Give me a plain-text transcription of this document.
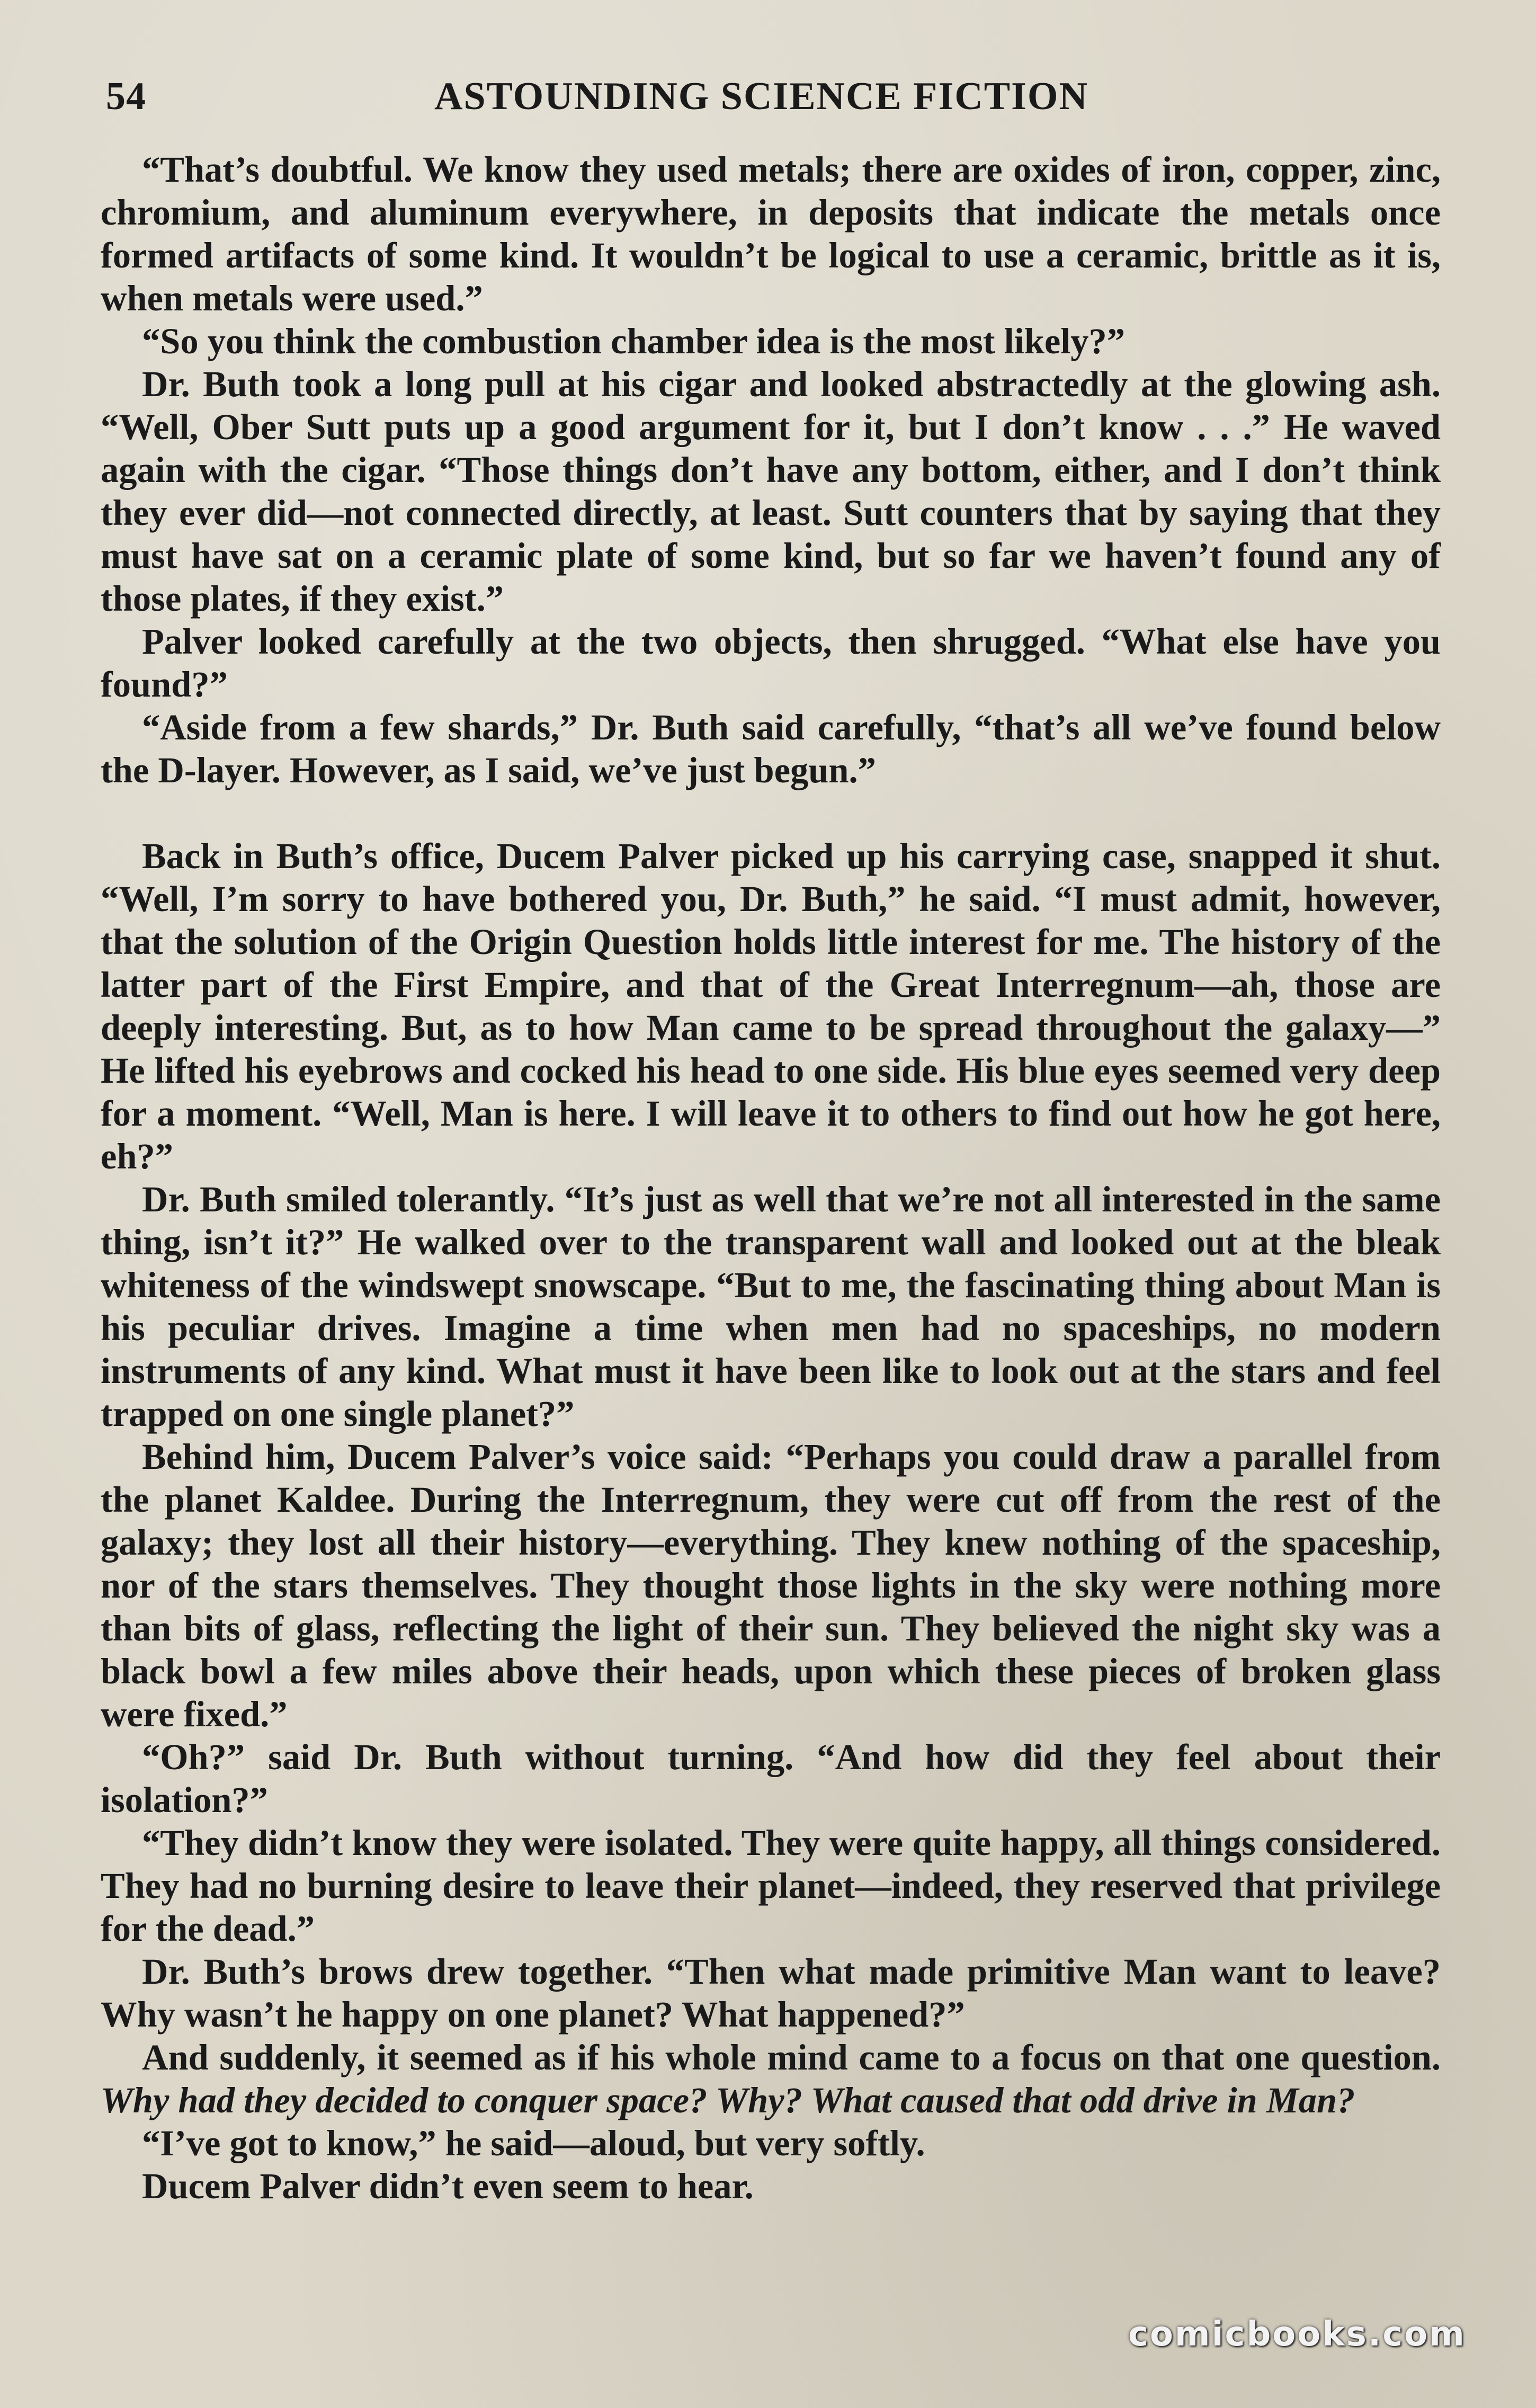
54	ASTOUNDING SCIENCE FICTION

“That’s doubtful. We know they used metals; there are oxides of iron, copper, zinc, chromium, and aluminum everywhere, in deposits that indicate the metals once formed artifacts of some kind. It wouldn’t be logical to use a ceramic, brittle as it is, when metals were used.”

“So you think the combustion chamber idea is the most likely?”

Dr. Buth took a long pull at his cigar and looked abstractedly at the glowing ash. “Well, Ober Sutt puts up a good argument for it, but I don’t know . . .” He waved again with the cigar. “Those things don’t have any bottom, either, and I don’t think they ever did—not connected directly, at least. Sutt counters that by saying that they must have sat on a ceramic plate of some kind, but so far we haven’t found any of those plates, if they exist.”

Palver looked carefully at the two objects, then shrugged. “What else have you found?”

“Aside from a few shards,” Dr. Buth said carefully, “that’s all we’ve found below the D-layer. However, as I said, we’ve just begun.”

Back in Buth’s office, Ducem Palver picked up his carrying case, snapped it shut. “Well, I’m sorry to have bothered you, Dr. Buth,” he said. “I must admit, however, that the solution of the Origin Question holds little interest for me. The history of the latter part of the First Empire, and that of the Great Interregnum—ah, those are deeply interesting. But, as to how Man came to be spread throughout the galaxy—” He lifted his eyebrows and cocked his head to one side. His blue eyes seemed very deep for a moment. “Well, Man is here. I will leave it to others to find out how he got here, eh?”

Dr. Buth smiled tolerantly. “It’s just as well that we’re not all interested in the same thing, isn’t it?” He walked over to the transparent wall and looked out at the bleak whiteness of the windswept snowscape. “But to me, the fascinating thing about Man is his peculiar drives. Imagine a time when men had no spaceships, no modern instruments of any kind. What must it have been like to look out at the stars and feel trapped on one single planet?”

Behind him, Ducem Palver’s voice said: “Perhaps you could draw a parallel from the planet Kaldee. During the Interregnum, they were cut off from the rest of the galaxy; they lost all their history—everything. They knew nothing of the spaceship, nor of the stars themselves. They thought those lights in the sky were nothing more than bits of glass, reflecting the light of their sun. They believed the night sky was a black bowl a few miles above their heads, upon which these pieces of broken glass were fixed.”

“Oh?” said Dr. Buth without turning. “And how did they feel about their isolation?”

“They didn’t know they were isolated. They were quite happy, all things considered. They had no burning desire to leave their planet—indeed, they reserved that privilege for the dead.”

Dr. Buth’s brows drew together. “Then what made primitive Man want to leave? Why wasn’t he happy on one planet? What happened?”

And suddenly, it seemed as if his whole mind came to a focus on that one question. Why had they decided to conquer space? Why? What caused that odd drive in Man?

“I’ve got to know,” he said—aloud, but very softly.

Ducem Palver didn’t even seem to hear.

comicbooks.com
